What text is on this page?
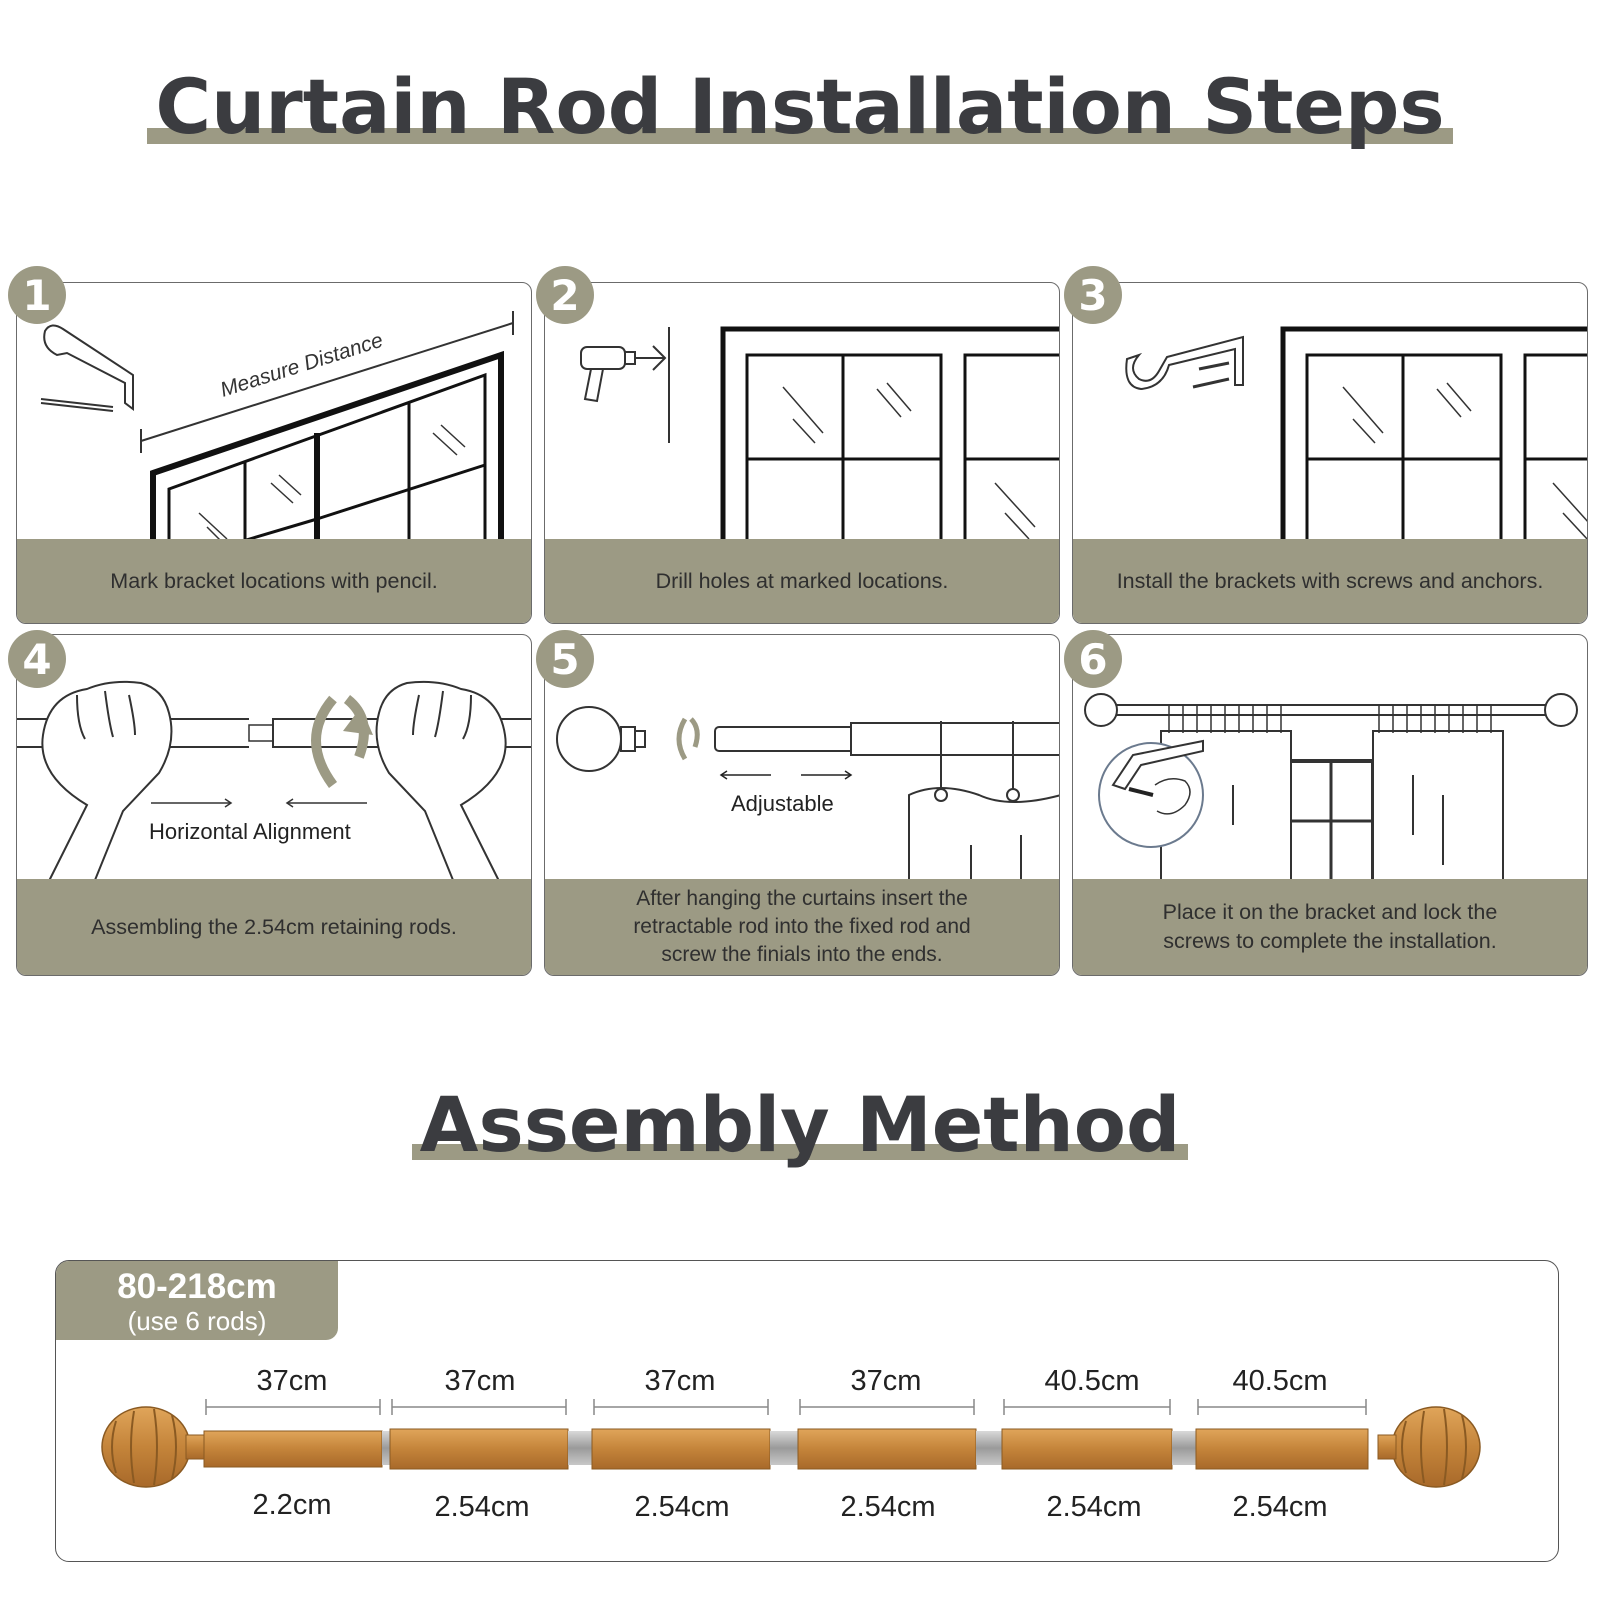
Curtain Rod Installation Steps
Measure Distance
Mark bracket locations with pencil.	Drill holes at marked locations.	Install the brackets with screws and anchors.
Horizontal Alignment
Assembling the 2.54cm retaining rods.
Adjustable
After hanging the curtains insert the retractable rod into the fixed rod and screw the finials into the ends.
Place it on the bracket and lock the screws to complete the installation.
1	2	3
4	5	6
Assembly Method
80-218cm
(use 6 rods)
37cm	37cm	37cm	37cm	40.5cm	40.5cm
2.2cm	2.54cm	2.54cm	2.54cm	2.54cm	2.54cm
